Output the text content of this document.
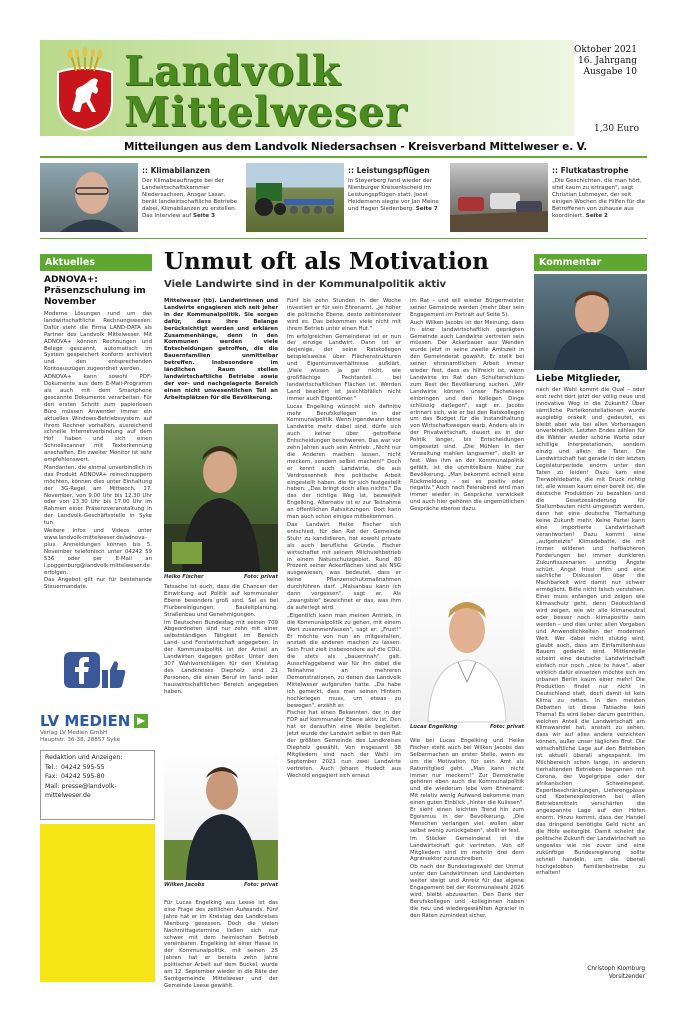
Landvolk
Mittelweser
Oktober 2021
16. Jahrgang
Ausgabe 10
1,30 Euro
Mitteilungen aus dem Landvolk Niedersachsen - Kreisverband Mittelweser e. V.
:: Klimabilanzen
Der Klimabeauftragte bei der Landwirtschaftskammer Niedersachsen, Ansgar Lasar, berät landwirtschaftliche Betriebe dabei, Klimabilanzen zu erstellen. Das Interview auf Seite 3
:: Leistungspflügen
In Steyerberg fand wieder der Nienburger Kreisentscheid im Leistungspflügen statt. Joost Heidemann siegte vor Jan Meine und Hagen Siedenberg. Seite 7
:: Flutkatastrophe
„Die Geschichten, die man hört, sind kaum zu ertragen", sagt Christian Lohmeyer, der seit einigen Wochen die Hilfen für die Betroffenen von zuhause aus koordiniert. Seite 2
Aktuelles
ADNOVA+: Präsenzschulung im November

Moderne Lösungen rund um das landwirtschaftliche Rechnungswesen: Dafür steht die Firma LAND-DATA als Partner des Landvolk Mittelweser. Mit ADNOVA+ können Rechnungen und Belege gescannt, automatisch im System gespeichert konform archiviert und den entsprechenden Kontoauszügen zugeordnet werden.

ADNOVA+ kann sowohl PDF-Dokumente aus dem E-Mail-Programm als auch mit dem Smartphone gescannte Dokumente verarbeiten. Für den ersten Schritt zum papierlosen Büro müssen Anwender immer ein aktuelles Windows-Betriebssystem auf ihrem Rechner vorhalten, ausreichend schnelle Internetverbindung auf dem Hof haben und sich einen Schnellscanner mit Texterkennung anschaffen. Ein zweiter Monitor ist sehr empfehlenswert.

Mandanten, die einmal unverbindlich in das Produkt ADNOVA+ reinschnuppern möchten, können dies unter Einhaltung der 3G-Regel am Mittwoch, 17. November, von 9.00 Uhr bis 12.30 Uhr oder von 13.30 Uhr bis 17.00 Uhr im Rahmen einer Präsenzveranstaltung in der Landvolk-Geschäftsstelle in Syke tun.

Weitere Infos und Videos unter www.landvolk-mittelweser.de/adnova-plus. Anmeldungen können bis 5. November telefonisch unter 04242 59 536 oder per E-Mail an l.poggenburg@landvolk-mittelweser.de erfolgen.

Das Angebot gilt nur für bestehende Steuermandate.

LV MEDIEN
Verlag LV Medien GmbH
Hauptstr. 36-38, 28857 Syke
Redaktion und Anzeigen:
Tel.: 04242 595-55
Fax: 04242 595-80
Mail: presse@landvolk-mittelweser.de
Unmut oft als Motivation
Viele Landwirte sind in der Kommunalpolitik aktiv
Mittelweser (tb). Landwirtinnen und Landwirte engagieren sich seit jeher in der Kommunalpolitik. Sie sorgen dafür, dass ihre Belange berücksichtigt werden und erklären Zusammenhänge, denn in den Kommunen werden viele Entscheidungen getroffen, die die Bauernfamilien unmittelbar betreffen. Insbesondere im ländlichen Raum stellen landwirtschaftliche Betriebe sowie der vor- und nachgelagerte Bereich einen nicht unwesentlichen Teil an Arbeitsplätzen für die Bevölkerung.
Heiko Fischer	Foto: privat

Tatsache ist auch, dass die Chancen der Einwirkung auf Politik auf kommunaler Ebene besonders groß sind. Sei es bei Flurbereinigungen, Bauleitplanung, Straßenbau und Genehmigungen.

Im Deutschen Bundestag mit seinen 709 Abgeordneten sind nur zehn mit einer selbstständigen Tätigkeit im Bereich Land- und Forstwirtschaft angegeben. In der Kommunalpolitik ist der Anteil an Landwirten dagegen größer. Unter den 307 Wahlvorschlägen für den Kreistag des Landkreises Diepholz sind 21 Personen, die einen Beruf im land- oder hauswirtschaftlichen Bereich angegeben haben.

Wilken Jacobs	Foto: privat
Für Lucas Engelking aus Leese ist das eine Frage des zeitlichen Aufwands. Fünf Jahre hat er im Kreistag des Landkreises Nienburg gesessen. Doch die vielen Nachmittagstermine ließen sich nur schwer mit dem heimischen Betrieb vereinbaren. Engelking ist einer Hasse in der Kommunalpolitik, mit seinen 25 Jahren hat er bereits zehn Jahre politischer Arbeit auf dem Buckel, wurde am 12. September wieder in die Räte der Samtgemeinde Mittelweser und der Gemeinde Leese gewählt.

Fünf bis zehn Stunden in der Woche investiert er für sein Ehrenamt. „Je höher die politische Ebene, desto zeitintensiver wird es. Das bekommen viele nicht mit ihrem Betrieb unter einen Hut."

Im erfolgreichen Gemeinderat ist er nun der einzige Landwirt. Dann ist er derjenige, der seine Ratskollegen beispielsweise über Flächenstrukturen und Eigentumsverhältnisse aufklärt. „Viele wissen ja gar nicht, wie großflächige Pachtanteil bei landwirtschaftlichen Flächen ist. Werden Land beackert ist jasichtbfälich nicht immer auch Eigentümer."

Lucas Engelking wünscht sich definitiv mehr Berufskollegen in der Kommunalpolitik. Wenn irgendwann keine Landwirte mehr dabei sind, dürfe sich auch keiner über getroffene Entscheidungen beschweren. Das war vor zehn Jahren auch sein Antrieb: „Nicht nur die Anderen machen lassen, nicht meckern, sondern selbst machen!" Doch er kennt auch Landwirte, die aus Verdrossenheit ihre politische Arbeit eingestellt haben, die für sich festgestellt haben: „Das bringt doch alles nichts." Da das der richtige Weg ist, bezweifelt Engelking. Alternativ ist er zur Teilnahme an öffentlichen Ratssitzungen. Dort kann man auch schon einiges mitbekommen.

Das Landwirt Heike Fischer sich entschied, für den Rat der Gemeinde Stuhr zu kandidieren, hat sowohl private als auch berufliche Gründe. Fischer wirtschaftet mit seinem Milchviehbetrieb in einem Naturschutzgebiet. Rund 80 Prozent seiner Ackerflächen sind als NSG ausgewiesen, was bedeutet, dass er keine Pflanzenschutzmaßnahmen durchführen darf. „Malsanbau kann ich dann vergessen", sagt er. Als „zwangsbio" bezeichnet er das, was ihm da auferlegt wird.

„Eigentlich kann man meinen Antrieb, in die Kommunalpolitik zu gehen, mit einem Wort zusammenfassen", sagt er: „Frust!" Er möchte von nun an mitgestalten, anstatt die anderen machen zu lassen. Sein Frust zielt insbesondere auf die CDU, die stets als „bauernnah" galt. Ausschlaggebend war für ihn dabei die Teilnahme an mehreren Demonstrationen, zu denen das Landvolk Mittelweser aufgerufen hatte. „Da habe ich gemerkt, dass man seinen Hintern hochkriegen muss, um etwas zu bewegen", erzählt er.

Fischer hat einen Bekannten, der in der FDP auf kommunaler Ebene aktiv ist. Den hat er daraufhin eine Weile begleitet. Jetzt wurde der Landwirt selbst in den Rat der größten Gemeinde des Landkreises Diepholz gewählt. Von insgesamt 38 Mitgliedern sind nach der Wahl im September 2021 nun zwei Landwirte vertreten. Auch Johann Hudedt aus Wechold engagiert sich erneut

im Rat – und will wieder Bürgermeister seiner Gemeinde werden (mehr über sein Engagement im Portrait auf Seite 5).

Auch Wilken Jacobs ist der Meinung, dass in einer landwirtschaftlich geprägten Gemeinde auch Landwirte vertreten sein müssen. Der Ackerbauer aus Wenden wurde jetzt in seine zweite Amtszeit in den Gemeinderat gewählt. Er stellt bei seiner ehrenamtlichen Arbeit immer wieder fest, dass es hilfreich ist, wenn Landwirte im Rat den Schulterschluss zum Rest der Bevölkerung suchen. „Wir Landwirte können unser Fachwissen einbringen und den Kollegen Dinge schlüssig darlegen", sagt er. Jacobs erinnert sich, wie er bei den Ratskollegen um das Budget für die Instandhaltung von Wirtschaftswegen warb. Anders als in der Privatwirtschaft, dauert es in der Politik länger, bis Entscheidungen umgesetzt sind. „Die Mühlen in der Verwaltung mahlen langsamer", stellt er fest. Was ihm an der Kommunalpolitik gefällt, ist die unmittelbare Nähe zur Bevölkerung. „Man bekommt schnell eine Rückmeldung – sei es positiv oder negativ." Auch nach Feierabend wird man immer wieder in Gespräche verwickelt und auch hier gehören die ungemütlichen Gespräche ebenso dazu.

Lucas Engelking	Foto: privat

Wie bei Lucas Engelking und Heiko Fischer steht auch bei Wilken Jacobs das Selbermachen an erster Stelle, wenn es um die Motivation für sein Amt als Ratsmitglied geht. „Man kann nicht immer nur meckern!" Zur Demokratie gehören eben auch die Kommunalpolitik und die wiederum lebe vom Ehrenamt. Mit relativ wenig Aufwand bekomme man einen guten Einblick „hinter die Kulissen". Er sieht einen leichten Trend hin zum Egoismus in der Bevölkerung. „Die Menschen verlangen viel, wollen aber selbst wenig zurückgeben", stellt er fest.

Im Stöcker Gemeinderat ist die Landwirtschaft gut vertreten. Von elf Mitgliedern sind im mehrlin drei dem Agrarsektor zuzuschreiben.

Ob nach der Bundestagswahl der Unmut unter den Landwirtinnen und Landwirten weiter steigt und Anreiz für das eigene Engagement bei der Kommunalwahl 2026 wird, bleibt abzuwarten. Den Dank der Berufskollegen und -kolleginnen haben die neu und wiedergewählten Agrarier in den Räten zumindest sicher.

Kommentar
Liebe Mitglieder,
nach der Wahl kommt die Qual – oder erst recht dort jetzt der völlig neue und innovative Weg in die Zukunft? Über sämtliche Parteikonstellationen wurde ausgiebig orakelt und gedeutet, es bleibt aber wie bei allen Vorhersagen unverbindlich. Letzten Endes zählen für die Wähler wieder schöne Worte oder schillige Interpretationen, sondern einzig und allein die Taten. Die Landwirtschaft hat gerade in der letzten Legislaturperiode enorm unter den Taten zu leiden! Dazu kam eine Tierwohldebatte, die mit Druck richtig ist, alle wissen kaum einer bereit ist, die deutsche Produktion zu bezahlen und die Gesetzesänderung für Stallumbauten nicht umgesetzt werden, dann hat eine deutsche Tierhaltung keine Zukunft mehr. Keine Partei kann eine importierte Landwirtschaft verantworten! Dazu kommt eine „aufgeheizte" Klimadebatte, die mit immer wilderen und heftiacheren Forderungen bei immer dunkleren Zukunftsszenarien unnötig Ängste schürt. Angst frisst Hirn und eine sachliche Diskussion über die Machbarkeit wird damit nur schwer ermöglicht. Bitte nicht falsch verstehen. Einer muss anfangen und zeigen wie Klimaschutz geht, denn Deutschland wird zeigen, wie wir alle klimaneutral oder besser noch klimapositiv sein werden – und dies unter allen Vorgaben und Anwendlichkeiten der modernen Welt. Wer dabei nicht stutzig wird, glaubt auch, dass am Einfamilienhaus Bauern gedankt wird. Mittlerweile scheint eine deutsche Landwirtschaft einfach nur noch „nice to have", aber wirklich dafür einsetzen möchte sich im urbanen Berlin kaum einer mehr! Die Produktion findet nur nicht in Deutschland statt, doch damit ist kein Klima zu retten. In den meisten Debatten ist diese Tatsache kein Thema! Es wird lieber darum gestritten, welchen Anteil die Landwirtschaft am Klimawandel hat, anstatt zu sehen, dass wir auf alles andere verzichten können, außer unser tägliches Brot. Die wirtschaftliche Lage auf den Betrieben ist aktuell überall angespannt. Im Milchbereich schon lange, in anderen tierhaltenden Betrieben begannen mit Corona, der Vogelgrippe oder der afrikanischen Schweinepest. Exportbeschränkungen, Lieferengpässe und Kostenexplosionen bei allen Betriebsmitteln verschärfen die angespannte Lage auf den Höfen enorm. Hinzu kommt, dass der Handel das dringend benötigte Geld nicht an die Höfe weitergibt. Damit scheint die politische Zukunft der Landwirtschaft so ungewiss wie nie zuvor und eine zukünftige Bundesregierung sollte schnell handeln, um die überall hochgelobten Familienbetriebe zu erhalten!
Christoph Klomburg
Vorsitzender
